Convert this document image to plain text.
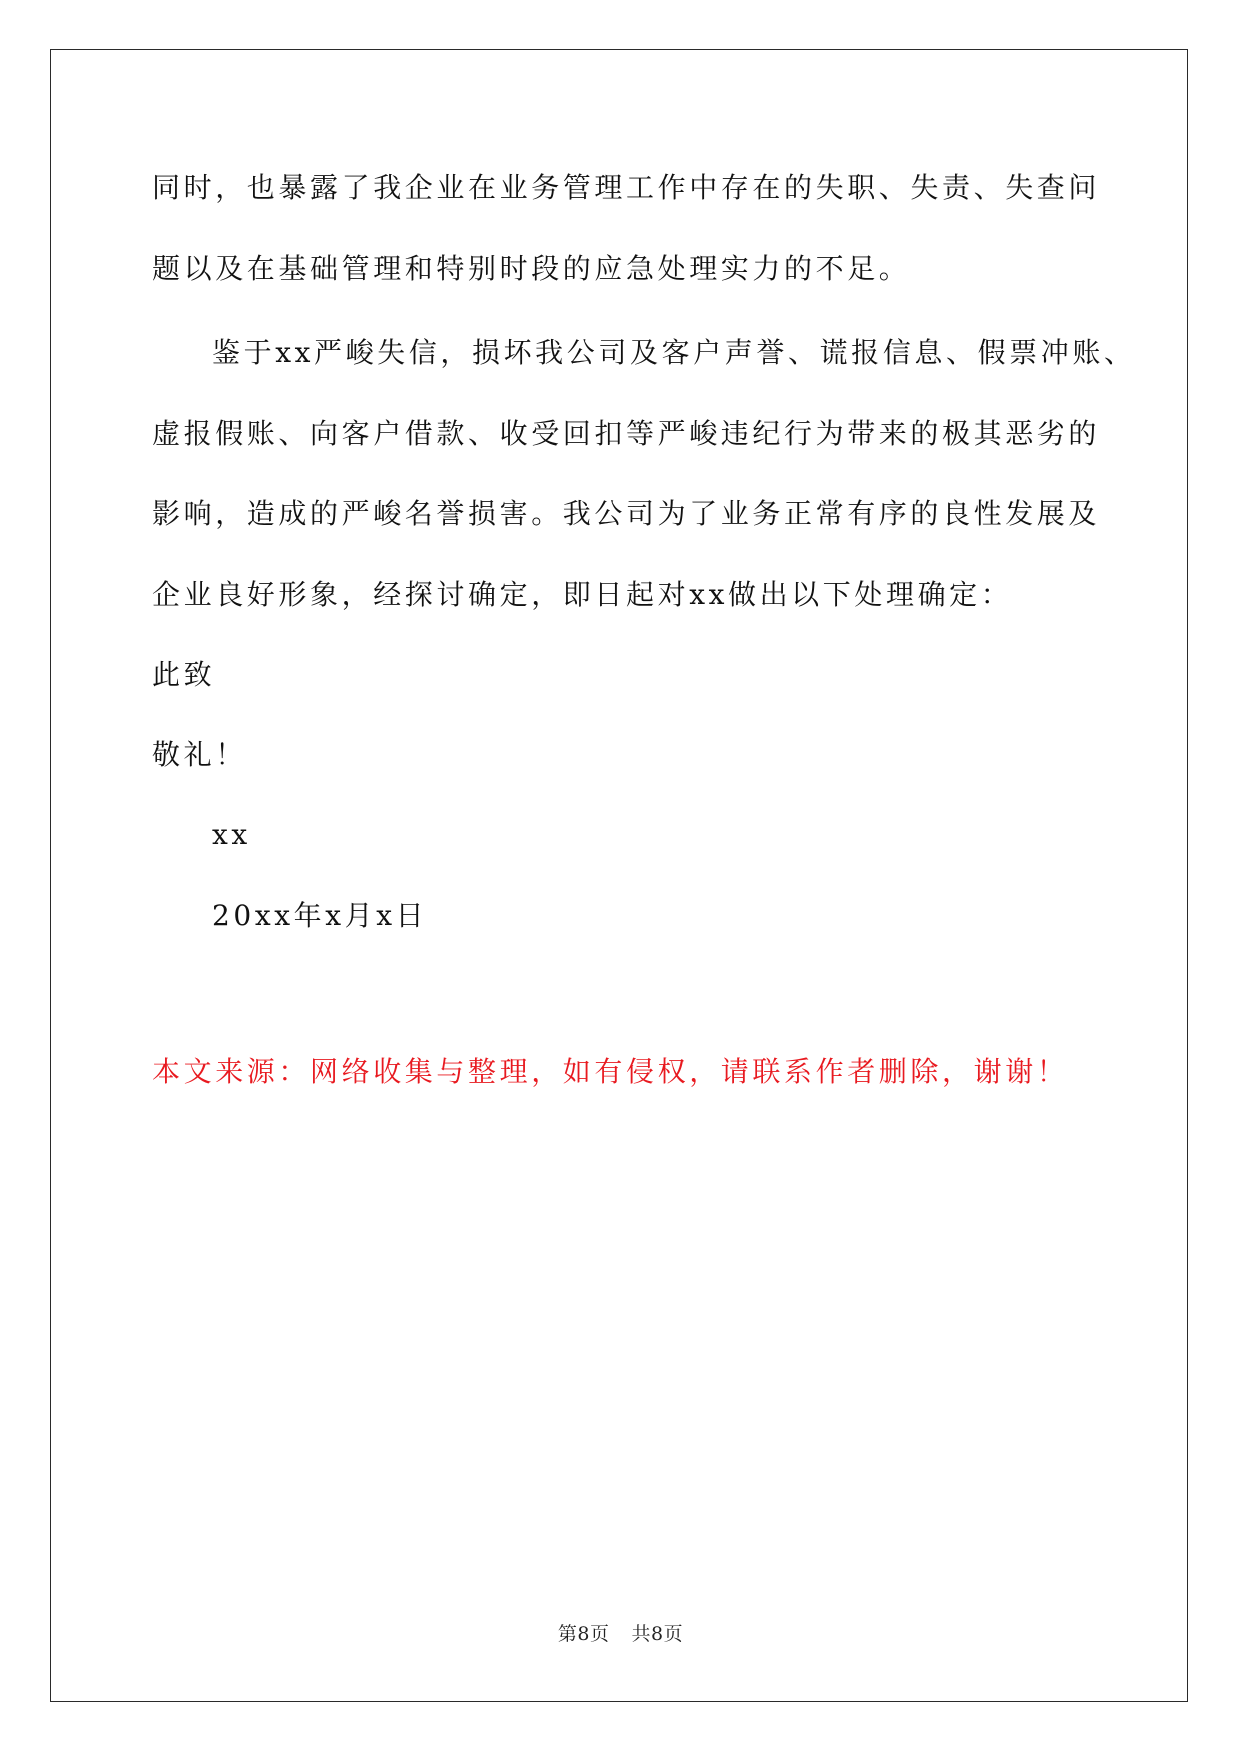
同时，也暴露了我企业在业务管理工作中存在的失职、失责、失查问
题以及在基础管理和特别时段的应急处理实力的不足。
鉴于xx严峻失信，损坏我公司及客户声誉、谎报信息、假票冲账、
虚报假账、向客户借款、收受回扣等严峻违纪行为带来的极其恶劣的
影响，造成的严峻名誉损害。我公司为了业务正常有序的良性发展及
企业良好形象，经探讨确定，即日起对xx做出以下处理确定：
此致
敬礼！
xx
20xx年x月x日
本文来源：网络收集与整理，如有侵权，请联系作者删除，谢谢！
第8页 共8页
